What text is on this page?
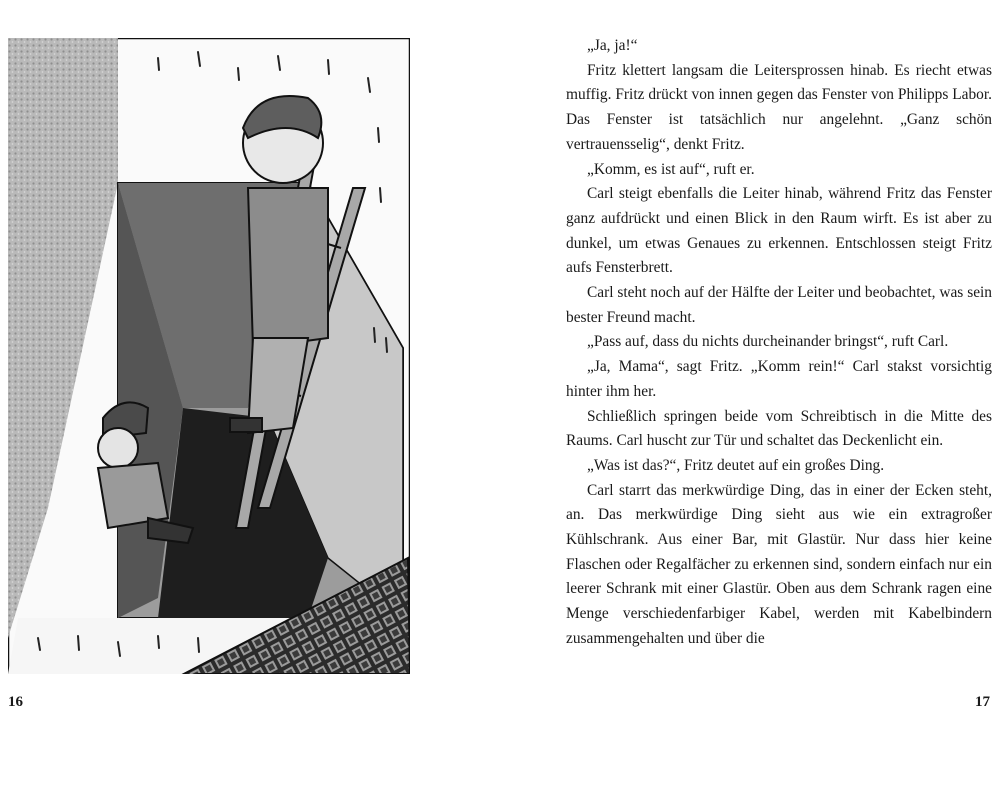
„Ja, ja!“

Fritz klettert langsam die Leitersprossen hinab. Es riecht etwas muffig. Fritz drückt von innen gegen das Fenster von Philipps Labor. Das Fenster ist tatsächlich nur angelehnt. „Ganz schön vertrauensselig“, denkt Fritz.

„Komm, es ist auf“, ruft er.

Carl steigt ebenfalls die Leiter hinab, während Fritz das Fenster ganz aufdrückt und einen Blick in den Raum wirft. Es ist aber zu dunkel, um etwas Genaues zu erkennen. Entschlossen steigt Fritz aufs Fensterbrett.

Carl steht noch auf der Hälfte der Leiter und beobachtet, was sein bester Freund macht.

„Pass auf, dass du nichts durcheinander bringst“, ruft Carl.

„Ja, Mama“, sagt Fritz. „Komm rein!“ Carl stakst vorsichtig hinter ihm her.

Schließlich springen beide vom Schreibtisch in die Mitte des Raums. Carl huscht zur Tür und schaltet das Deckenlicht ein.

„Was ist das?“, Fritz deutet auf ein großes Ding.

Carl starrt das merkwürdige Ding, das in einer der Ecken steht, an. Das merkwürdige Ding sieht aus wie ein extragroßer Kühlschrank. Aus einer Bar, mit Glastür. Nur dass hier keine Flaschen oder Regalfächer zu erkennen sind, sondern einfach nur ein leerer Schrank mit einer Glastür. Oben aus dem Schrank ragen eine Menge verschiedenfarbiger Kabel, werden mit Kabelbindern zusammengehalten und über die

16	17
